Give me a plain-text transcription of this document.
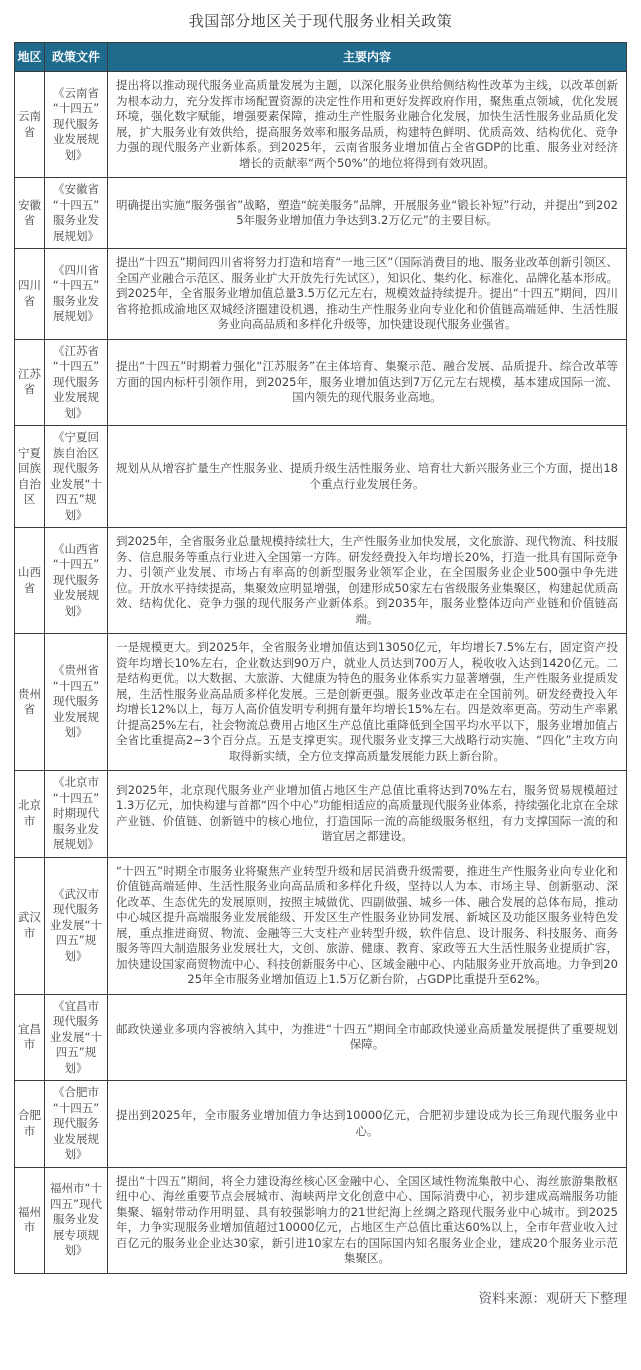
我国部分地区关于现代服务业相关政策
地区	政策文件	主要内容
云南省	《云南省“十四五”现代服务业发展规划》	提出将以推动现代服务业高质量发展为主题，以深化服务业供给侧结构性改革为主线，以改革创新为根本动力，充分发挥市场配置资源的决定性作用和更好发挥政府作用，聚焦重点领域，优化发展环境，强化数字赋能，增强要素保障，推动生产性服务业融合化发展，加快生活性服务业品质化发展，扩大服务业有效供给，提高服务效率和服务品质，构建特色鲜明、优质高效、结构优化、竞争力强的现代服务产业新体系。到2025年，云南省服务业增加值占全省GDP的比重、服务业对经济增长的贡献率“两个50%”的地位将得到有效巩固。
安徽省	《安徽省“十四五”服务业发展规划》	明确提出实施“服务强省”战略，塑造“皖美服务”品牌，开展服务业“锻长补短”行动，并提出“到2025年服务业增加值力争达到3.2万亿元”的主要目标。
四川省	《四川省“十四五”服务业发展规划》	提出“十四五”期间四川省将努力打造和培育“一地三区”（国际消费目的地、服务业改革创新引领区、全国产业融合示范区、服务业扩大开放先行先试区），知识化、集约化、标准化、品牌化基本形成。到2025年，全省服务业增加值总量3.5万亿元左右，规模效益持续提升。提出“十四五”期间，四川省将抢抓成渝地区双城经济圈建设机遇，推动生产性服务业向专业化和价值链高端延伸、生活性服务业向高品质和多样化升级等，加快建设现代服务业强省。
江苏省	《江苏省“十四五”现代服务业发展规划》	提出“十四五”时期着力强化“江苏服务”在主体培育、集聚示范、融合发展、品质提升、综合改革等方面的国内标杆引领作用，到2025年，服务业增加值达到7万亿元左右规模，基本建成国际一流、国内领先的现代服务业高地。
宁夏回族自治区	《宁夏回族自治区现代服务业发展“十四五”规划》	规划从从增容扩量生产性服务业、提质升级生活性服务业、培育壮大新兴服务业三个方面，提出18个重点行业发展任务。
山西省	《山西省“十四五”现代服务业发展规划》	到2025年，全省服务业总量规模持续壮大，生产性服务业加快发展，文化旅游、现代物流、科技服务、信息服务等重点行业进入全国第一方阵。研发经费投入年均增长20%，打造一批具有国际竞争力、引领产业发展、市场占有率高的创新型服务业领军企业，在全国服务业企业500强中争先进位。开放水平持续提高，集聚效应明显增强，创建形成50家左右省级服务业集聚区，构建起优质高效、结构优化、竞争力强的现代服务产业新体系。到2035年，服务业整体迈向产业链和价值链高端。
贵州省	《贵州省“十四五”现代服务业发展规划》	一是规模更大。到2025年，全省服务业增加值达到13050亿元，年均增长7.5%左右，固定资产投资年均增长10%左右，企业数达到90万户，就业人员达到700万人，税收收入达到1420亿元。二是结构更优。以大数据、大旅游、大健康为特色的服务业体系实力显著增强，生产性服务业提质发展，生活性服务业高品质多样化发展。三是创新更强。服务业改革走在全国前列。研发经费投入年均增长12%以上，每万人高价值发明专利拥有量年均增长15%左右。四是效率更高。劳动生产率累计提高25%左右，社会物流总费用占地区生产总值比重降低到全国平均水平以下，服务业增加值占全省比重提高2~3个百分点。五是支撑更实。现代服务业支撑三大战略行动实施、“四化”主攻方向取得新实绩，全方位支撑高质量发展能力跃上新台阶。
北京市	《北京市“十四五”时期现代服务业发展规划》	到2025年，北京现代服务业产业增加值占地区生产总值比重将达到70%左右，服务贸易规模超过1.3万亿元，加快构建与首都“四个中心”功能相适应的高质量现代服务业体系，持续强化北京在全球产业链、价值链、创新链中的核心地位，打造国际一流的高能级服务枢纽，有力支撑国际一流的和谐宜居之都建设。
武汉市	《武汉市现代服务业发展“十四五”规划》	“十四五”时期全市服务业将聚焦产业转型升级和居民消费升级需要，推进生产性服务业向专业化和价值链高端延伸、生活性服务业向高品质和多样化升级，坚持以人为本、市场主导、创新驱动、深化改革、生态优先的发展原则，按照主城做优、四副做强、城乡一体、融合发展的总体布局，推动中心城区提升高端服务业发展能级、开发区生产性服务业协同发展、新城区及功能区服务业特色发展，重点推进商贸、物流、金融等三大支柱产业转型升级，软件信息、设计服务、科技服务、商务服务等四大制造服务业发展壮大，文创、旅游、健康、教育、家政等五大生活性服务业提质扩容，加快建设国家商贸物流中心、科技创新服务中心、区域金融中心、内陆服务业开放高地。力争到2025年全市服务业增加值迈上1.5万亿新台阶，占GDP比重提升至62%。
宜昌市	《宜昌市现代服务业发展“十四五”规划》	邮政快递业多项内容被纳入其中，为推进“十四五”期间全市邮政快递业高质量发展提供了重要规划保障。
合肥市	《合肥市“十四五”现代服务业发展规划》	提出到2025年，全市服务业增加值力争达到10000亿元，合肥初步建设成为长三角现代服务业中心。
福州市	福州市“十四五”现代服务业发展专项规划》	提出“十四五”期间，将全力建设海丝核心区金融中心、全国区域性物流集散中心、海丝旅游集散枢纽中心、海丝重要节点会展城市、海峡两岸文化创意中心、国际消费中心，初步建成高端服务功能集聚、辐射带动作用明显、具有较强影响力的21世纪海上丝绸之路现代服务业中心城市。到2025年，力争实现服务业增加值超过10000亿元，占地区生产总值比重达60%以上，全市年营业收入过百亿元的服务业企业达30家，新引进10家左右的国际国内知名服务业企业，建成20个服务业示范集聚区。
资料来源：观研天下整理
